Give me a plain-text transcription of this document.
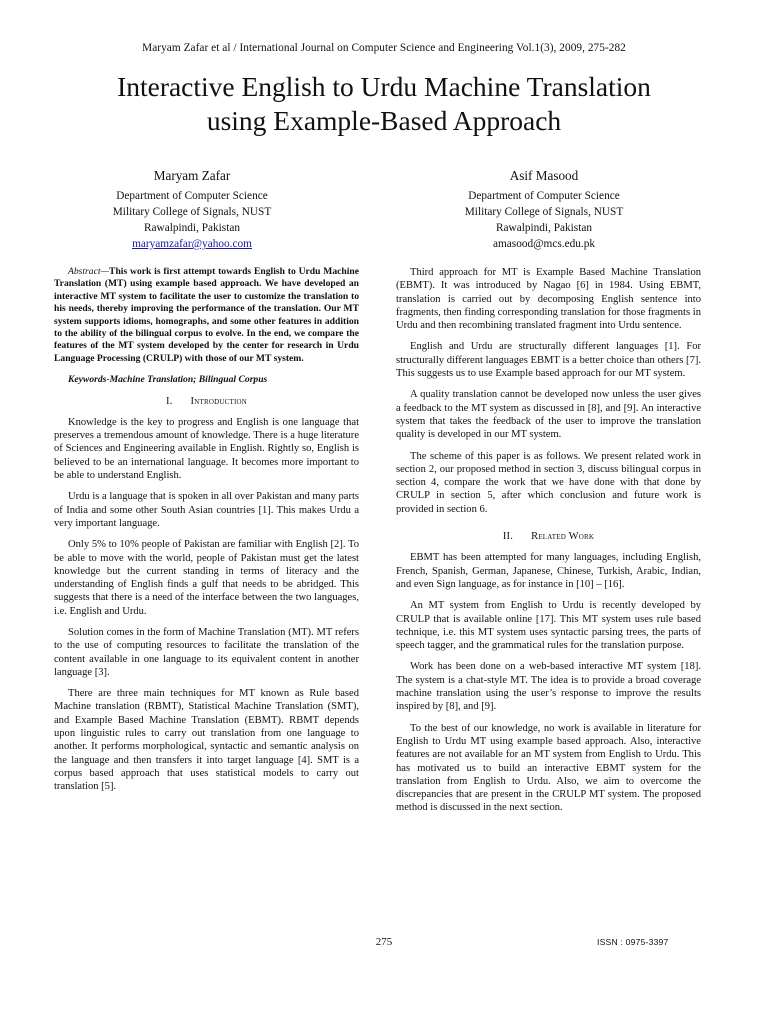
Maryam Zafar et al / International Journal on Computer Science and Engineering Vol.1(3), 2009, 275-282
Interactive English to Urdu Machine Translation
using Example-Based Approach
Maryam Zafar
Department of Computer Science
Military College of Signals, NUST
Rawalpindi, Pakistan
maryamzafar@yahoo.com
Asif Masood
Department of Computer Science
Military College of Signals, NUST
Rawalpindi, Pakistan
amasood@mcs.edu.pk

Abstract—This work is first attempt towards English to Urdu Machine Translation (MT) using example based approach. We have developed an interactive MT system to facilitate the user to customize the translation to his needs, thereby improving the performance of the translation. Our MT system supports idioms, homographs, and some other features in addition to the ability of the bilingual corpus to evolve. In the end, we compare the features of the MT system developed by the center for research in Urdu Language Processing (CRULP) with those of our MT system.

Keywords-Machine Translation; Bilingual Corpus

I. Introduction

Knowledge is the key to progress and English is one language that preserves a tremendous amount of knowledge. There is a huge literature of Sciences and Engineering available in English. Rightly so, English is believed to be an international language. It becomes more important to be able to understand English.

Urdu is a language that is spoken in all over Pakistan and many parts of India and some other South Asian countries [1]. This makes Urdu a very important language.

Only 5% to 10% people of Pakistan are familiar with English [2]. To be able to move with the world, people of Pakistan must get the latest knowledge but the current standing in terms of literacy and the understanding of English finds a gulf that needs to be abridged. This suggests that there is a need of the interface between the two languages, i.e. English and Urdu.

Solution comes in the form of Machine Translation (MT). MT refers to the use of computing resources to facilitate the translation of the content available in one language to its equivalent content in another language [3].

There are three main techniques for MT known as Rule based Machine translation (RBMT), Statistical Machine Translation (SMT), and Example Based Machine Translation (EBMT). RBMT depends upon linguistic rules to carry out translation from one language to another. It performs morphological, syntactic and semantic analysis on the language and then transfers it into target language [4]. SMT is a corpus based approach that uses statistical models to carry out translation [5].

Third approach for MT is Example Based Machine Translation (EBMT). It was introduced by Nagao [6] in 1984. Using EBMT, translation is carried out by decomposing English sentence into fragments, then finding corresponding translation for those fragments in Urdu and then recombining translated fragment into Urdu sentence.

English and Urdu are structurally different languages [1]. For structurally different languages EBMT is a better choice than others [7]. This suggests us to use Example based approach for our MT system.

A quality translation cannot be developed now unless the user gives a feedback to the MT system as discussed in [8], and [9]. An interactive system that takes the feedback of the user to improve the translation quality is developed in our MT system.

The scheme of this paper is as follows. We present related work in section 2, our proposed method in section 3, discuss bilingual corpus in section 4, compare the work that we have done with that done by CRULP in section 5, after which conclusion and future work is provided in section 6.

II. Related Work

EBMT has been attempted for many languages, including English, French, Spanish, German, Japanese, Chinese, Turkish, Arabic, Indian, and even Sign language, as for instance in [10] – [16].

An MT system from English to Urdu is recently developed by CRULP that is available online [17]. This MT system uses rule based technique, i.e. this MT system uses syntactic parsing trees, the parts of speech tagger, and the grammatical rules for the translation purpose.

Work has been done on a web-based interactive MT system [18]. The system is a chat-style MT. The idea is to provide a broad coverage machine translation using the user’s response to improve the results inspired by [8], and [9].

To the best of our knowledge, no work is available in literature for English to Urdu MT using example based approach. Also, interactive features are not available for an MT system from English to Urdu. This has motivated us to build an interactive EBMT system for the translation from English to Urdu. Also, we aim to overcome the discrepancies that are present in the CRULP MT system. The proposed method is discussed in the next section.

275	ISSN : 0975-3397
